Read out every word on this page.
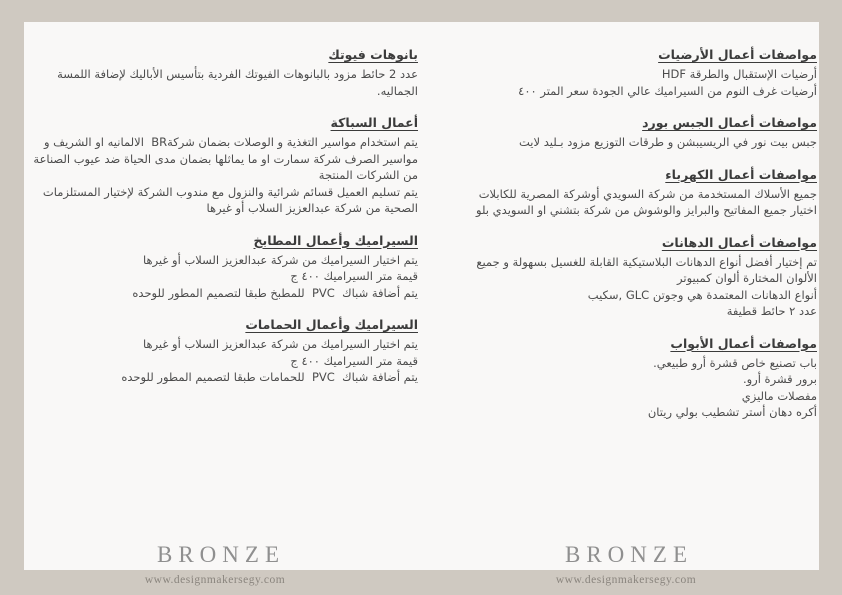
بانوهات فيوتك
عدد 2 حائط مزود بالبانوهات الفيوتك الفردية بتأسيس الأباليك لإضافة اللمسة
الجماليه.
أعمال السباكة
يتم استخدام مواسير التغذية و الوصلات بضمان شركةBR  الالمانيه او الشريف و
مواسير الصرف شركة سمارت او ما يماثلها بضمان مدى الحياة ضد عيوب الصناعة
من الشركات المنتجة
يتم تسليم العميل قسائم شرائية والنزول مع مندوب الشركة لإختيار المستلزمات
الصحية من شركة عبدالعزيز السلاب أو غيرها
السيراميك وأعمال المطابخ
يتم اختيار السيراميك من شركة عبدالعزيز السلاب أو غيرها
قيمة متر السيراميك ٤٠٠ ج
يتم أضافة شباك  PVC  للمطبخ طبقا لتصميم المطور للوحده
السيراميك وأعمال الحمامات
يتم اختيار السيراميك من شركة عبدالعزيز السلاب أو غيرها
قيمة متر السيراميك ٤٠٠ ج
يتم أضافة شباك  PVC  للحمامات طبقا لتصميم المطور للوحده
مواصفات أعمال الأرضيات
أرضيات الإستقبال والطرقة HDF
أرضيات غرف النوم من السيراميك عالي الجودة سعر المتر ٤٠٠
مواصفات أعمال الجبس بورد
جبس بيت نور في الريسيبشن و طرقات التوزيع مزود بـليد لايت
مواصفات أعمال الكهرباء
جميع الأسلاك المستخدمة من شركة السويدي أوشركة المصرية للكابلات
اختيار جميع المفاتيح والبرايز والوشوش من شركة بتشني او السويدي بلو
مواصفات أعمال الدهانات
تم إختيار أفضل أنواع الدهانات البلاستيكية القابلة للغسيل بسهولة و جميع
الألوان المختارة ألوان كمبيوتر
أنواع الدهانات المعتمدة هي وجوتن GLC ,سكيب
عدد ٢ حائط قطيفة
مواصفات أعمال الأبواب
باب تصنيع خاص قشرة أرو طبيعي.
برور قشرة أرو.
مفصلات ماليزي
أكره دهان أستر تشطيب بولي ريتان
BRONZE	BRONZE
www.designmakersegy.com	www.designmakersegy.com
